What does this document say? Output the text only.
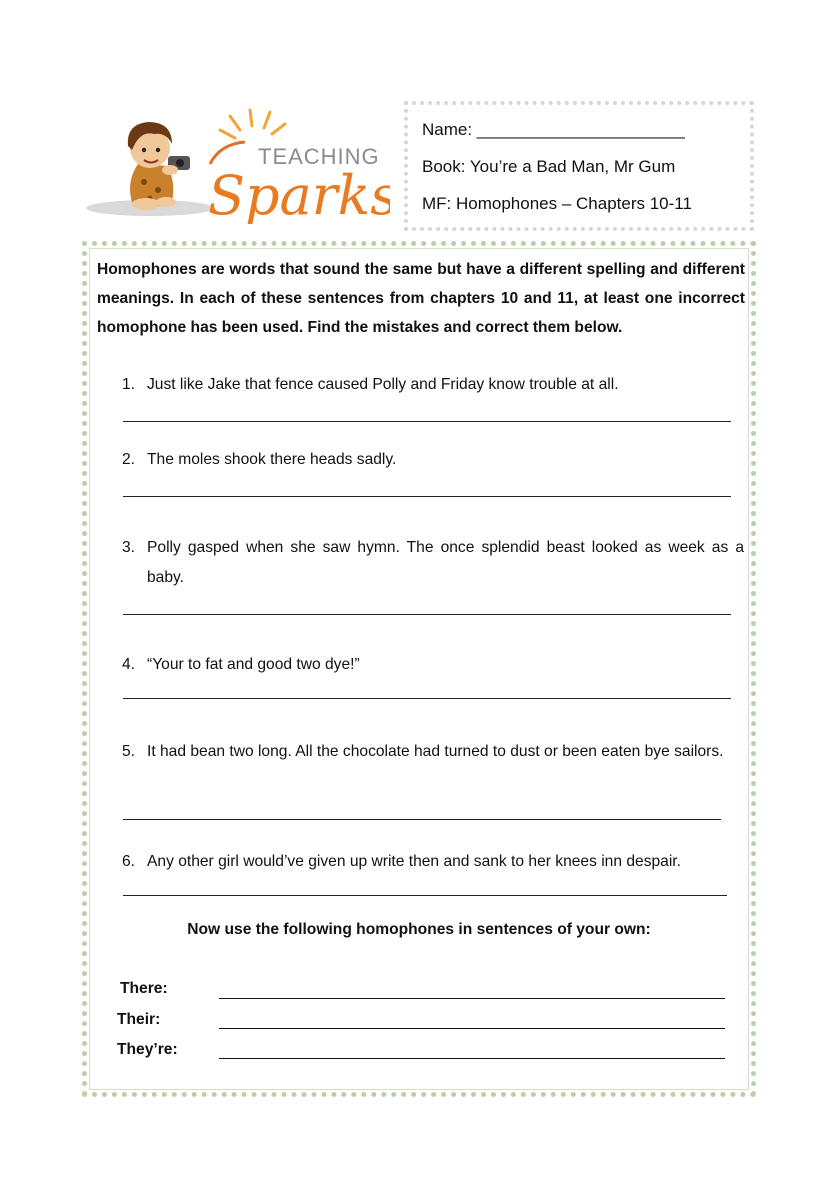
TEACHING
Sparks
Name: ______________________
Book: You’re a Bad Man, Mr Gum
MF: Homophones – Chapters 10-11
Homophones are words that sound the same but have a different spelling and different meanings. In each of these sentences from chapters 10 and 11, at least one incorrect homophone has been used. Find the mistakes and correct them below.
1. Just like Jake that fence caused Polly and Friday know trouble at all.
2. The moles shook there heads sadly.
3. Polly gasped when she saw hymn. The once splendid beast looked as week as a baby.
4. “Your to fat and good two dye!”
5. It had bean two long. All the chocolate had turned to dust or been eaten bye sailors.
6. Any other girl would’ve given up write then and sank to her knees inn despair.
Now use the following homophones in sentences of your own:
There:
Their:
They’re:
